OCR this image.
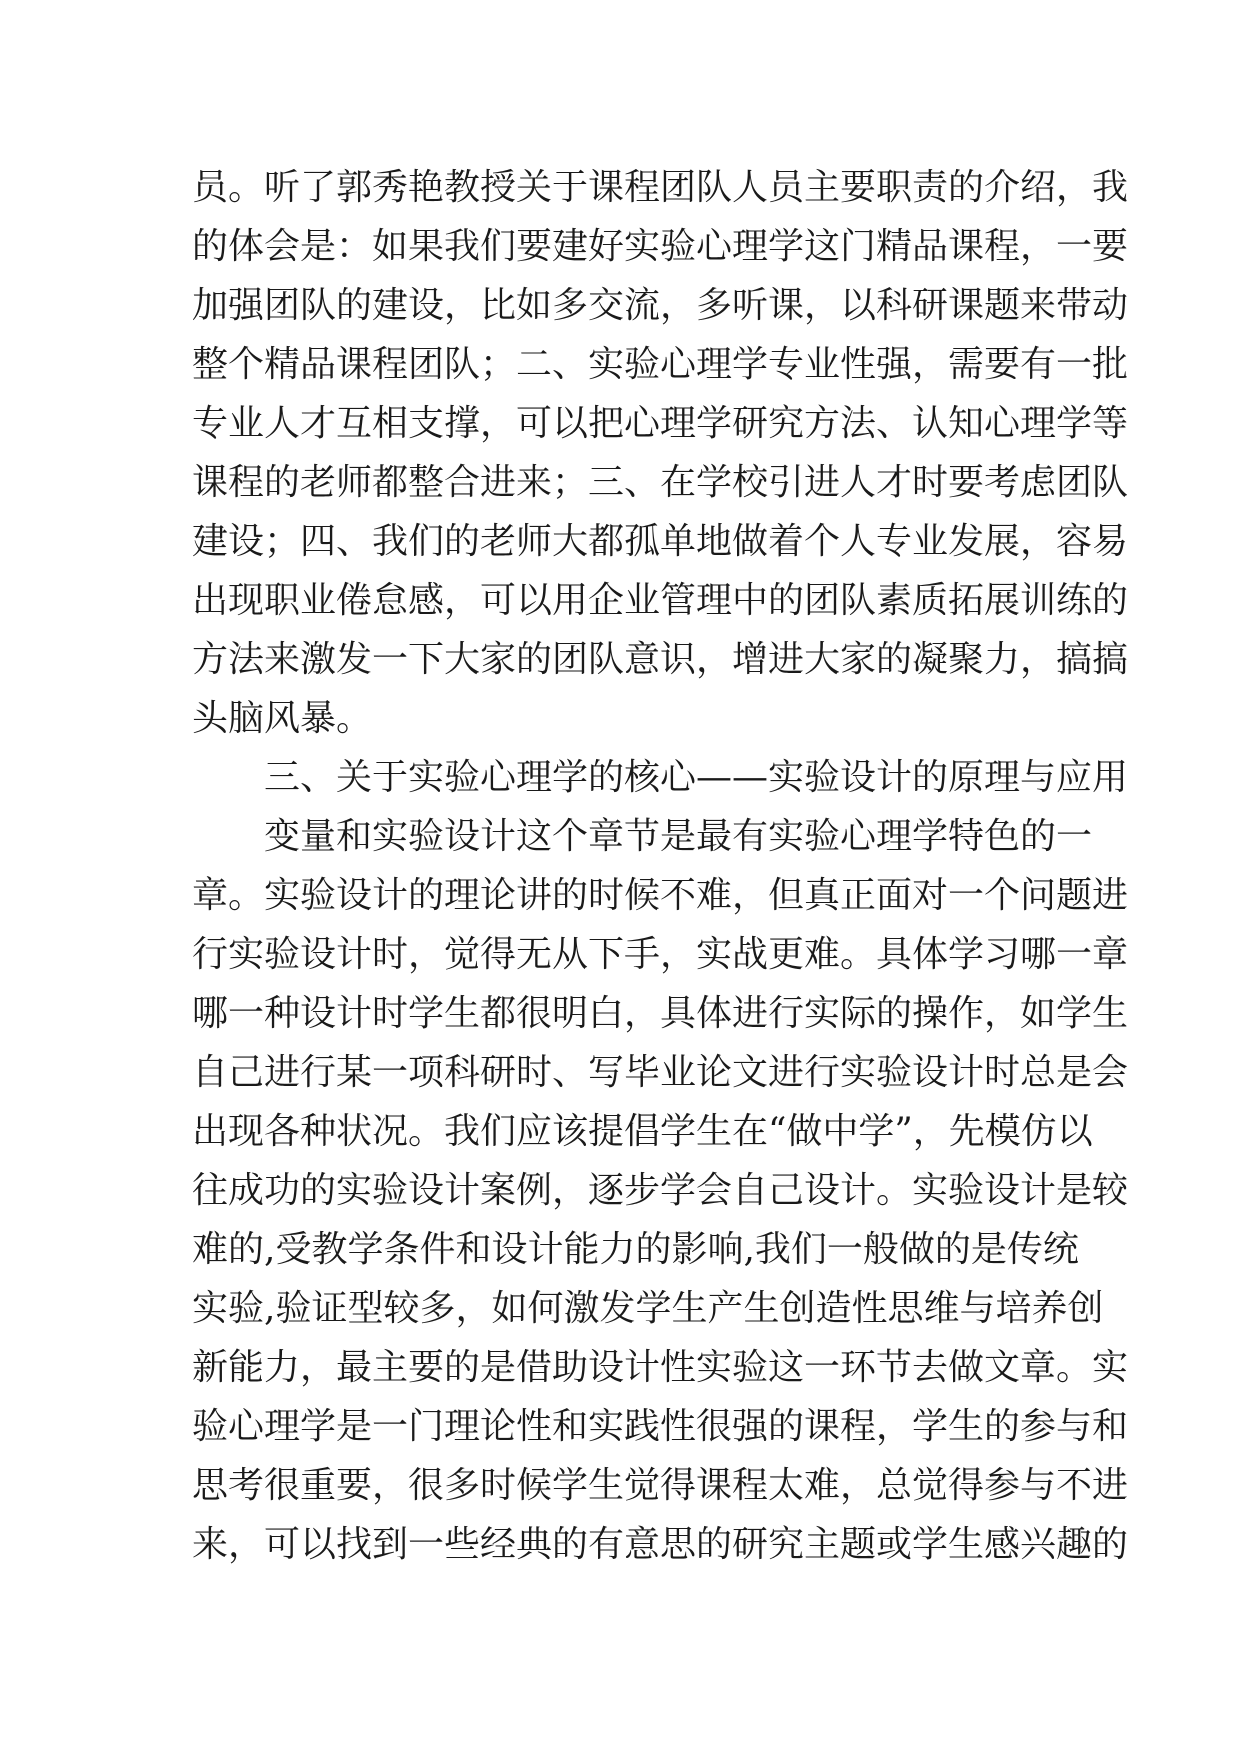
员。听了郭秀艳教授关于课程团队人员主要职责的介绍，我
的体会是：如果我们要建好实验心理学这门精品课程，一要
加强团队的建设，比如多交流，多听课，以科研课题来带动
整个精品课程团队；二、实验心理学专业性强，需要有一批
专业人才互相支撑，可以把心理学研究方法、认知心理学等
课程的老师都整合进来；三、在学校引进人才时要考虑团队
建设；四、我们的老师大都孤单地做着个人专业发展，容易
出现职业倦怠感，可以用企业管理中的团队素质拓展训练的
方法来激发一下大家的团队意识，增进大家的凝聚力，搞搞
头脑风暴。
三、关于实验心理学的核心——实验设计的原理与应用
变量和实验设计这个章节是最有实验心理学特色的一
章。实验设计的理论讲的时候不难，但真正面对一个问题进
行实验设计时，觉得无从下手，实战更难。具体学习哪一章
哪一种设计时学生都很明白，具体进行实际的操作，如学生
自己进行某一项科研时、写毕业论文进行实验设计时总是会
出现各种状况。我们应该提倡学生在“做中学”，先模仿以
往成功的实验设计案例，逐步学会自己设计。实验设计是较
难的,受教学条件和设计能力的影响,我们一般做的是传统
实验,验证型较多，如何激发学生产生创造性思维与培养创
新能力，最主要的是借助设计性实验这一环节去做文章。实
验心理学是一门理论性和实践性很强的课程，学生的参与和
思考很重要，很多时候学生觉得课程太难，总觉得参与不进
来，可以找到一些经典的有意思的研究主题或学生感兴趣的
